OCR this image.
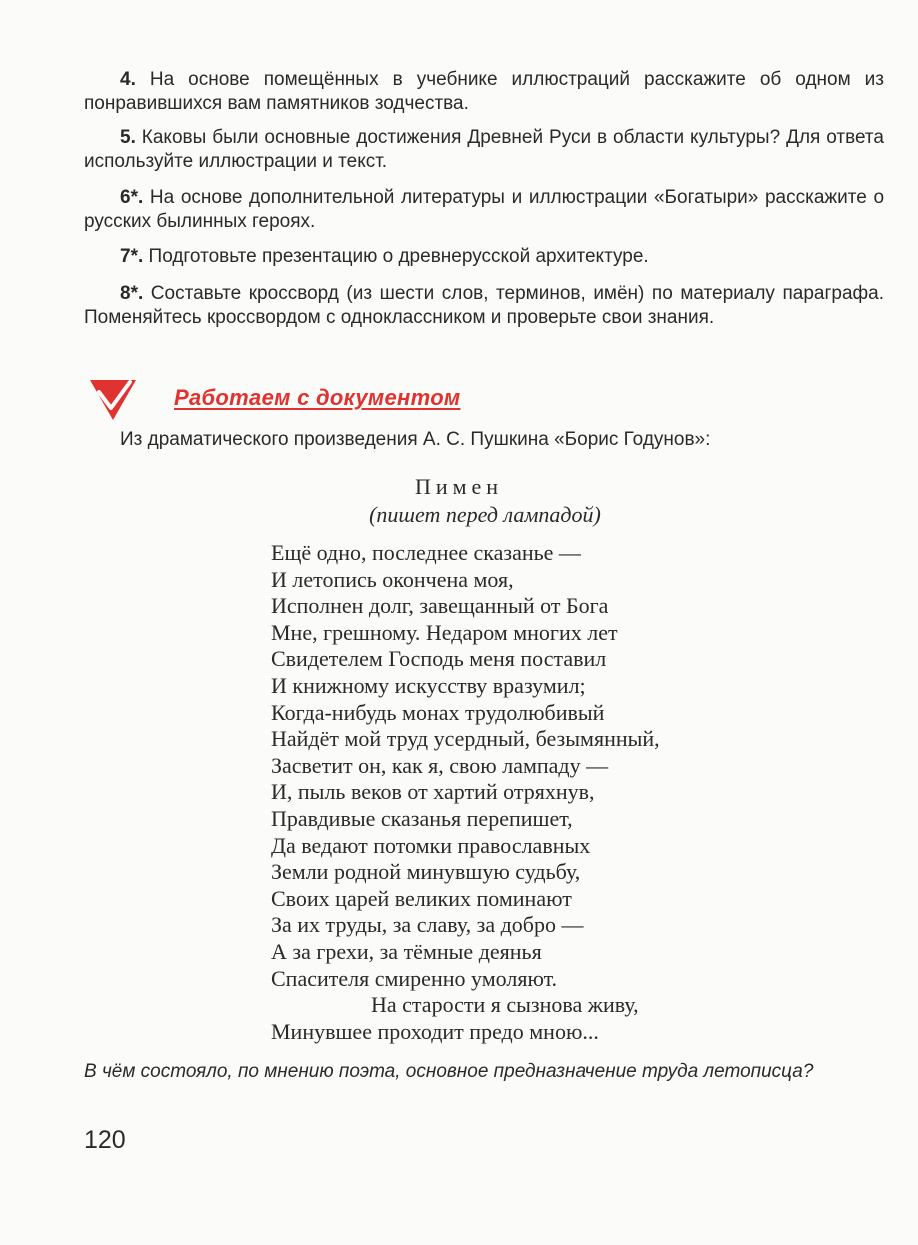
4. На основе помещённых в учебнике иллюстраций расскажите об одном из понравившихся вам памятников зодчества.

5. Каковы были основные достижения Древней Руси в области культуры? Для ответа используйте иллюстрации и текст.

6*. На основе дополнительной литературы и иллюстрации «Богатыри» расскажите о русских былинных героях.

7*. Подготовьте презентацию о древнерусской архитектуре.

8*. Составьте кроссворд (из шести слов, терминов, имён) по материалу параграфа. Поменяйтесь кроссвордом с одноклассником и проверьте свои знания.

Работаем с документом

Из драматического произведения А. С. Пушкина «Борис Годунов»:

Пимен

(пишет перед лампадой)

Ещё одно, последнее сказанье —
И летопись окончена моя,
Исполнен долг, завещанный от Бога
Мне, грешному. Недаром многих лет
Свидетелем Господь меня поставил
И книжному искусству вразумил;
Когда-нибудь монах трудолюбивый
Найдёт мой труд усердный, безымянный,
Засветит он, как я, свою лампаду —
И, пыль веков от хартий отряхнув,
Правдивые сказанья перепишет,
Да ведают потомки православных
Земли родной минувшую судьбу,
Своих царей великих поминают
За их труды, за славу, за добро —
А за грехи, за тёмные деянья
Спасителя смиренно умоляют.
На старости я сызнова живу,
Минувшее проходит предо мною...

В чём состояло, по мнению поэта, основное предназначение труда летописца?

120
